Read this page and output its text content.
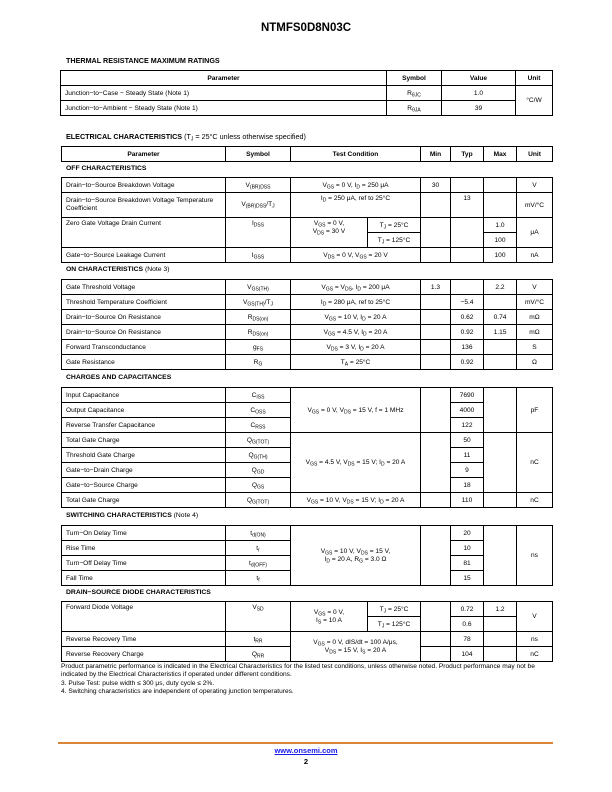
NTMFS0D8N03C
THERMAL RESISTANCE MAXIMUM RATINGS
Parameter	Symbol	Value	Unit
Junction−to−Case − Steady State (Note 1)	$R_{\theta JC}$	1.0	°C/W
Junction−to−Ambient − Steady State (Note 1)	$R_{\theta JA}$	39	
ELECTRICAL CHARACTERISTICS ($T_J = 25^\circ C$ unless otherwise specified)
Parameter	Symbol	Test Condition	Min	Typ	Max	Unit
OFF CHARACTERISTICS
Drain−to−Source Breakdown Voltage	$V_{(BR)DSS}$	$V_{GS} = 0$ V, $I_D = 250$ μA		30			V
Drain−to−Source Breakdown Voltage Temperature Coefficient	$V_{(BR)DSS}/T_J$	$I_D = 250$ μA, ref to 25°C			13		mV/°C
Zero Gate Voltage Drain Current	$I_{DSS}$	$V_{GS} = 0$ V,
$V_{DS} = 30$ V	$T_J = 25^\circ C$			1.0	μA
			$T_J = 125^\circ C$			100	
Gate−to−Source Leakage Current	$I_{GSS}$	$V_{DS} = 0$ V, $V_{GS} = 20$ V				100	nA
ON CHARACTERISTICS (Note 3)
Gate Threshold Voltage	$V_{GS(TH)}$	$V_{GS} = V_{DS}$, $I_D = 200$ μA	1.3		2.2	V
Threshold Temperature Coefficient	$V_{GS(TH)}/T_J$	$I_D = 280$ μA, ref to 25°C		−5.4		mV/°C
Drain−to−Source On Resistance	$R_{DS(on)}$	$V_{GS} = 10$ V, $I_D = 20$ A		0.62	0.74	mΩ
Drain−to−Source On Resistance	$R_{DS(on)}$	$V_{GS} = 4.5$ V, $I_D = 20$ A		0.92	1.15	mΩ
Forward Transconductance	$g_{FS}$	$V_{DS} = 3$ V, $I_D = 20$ A		136		S
Gate Resistance	$R_G$	$T_A = 25^\circ C$		0.92		Ω
CHARGES AND CAPACITANCES
Input Capacitance	$C_{ISS}$	$V_{GS} = 0$ V, $V_{DS} = 15$ V, f = 1 MHz		7690		pF
Output Capacitance	$C_{OSS}$			4000		
Reverse Transfer Capacitance	$C_{RSS}$			122		
Total Gate Charge	$Q_{G(TOT)}$	$V_{GS} = 4.5$ V, $V_{DS} = 15$ V; $I_D = 20$ A		50		nC
Threshold Gate Charge	$Q_{G(TH)}$			11		
Gate−to−Drain Charge	$Q_{GD}$			9		
Gate−to−Source Charge	$Q_{GS}$			18		
Total Gate Charge	$Q_{G(TOT)}$	$V_{GS} = 10$ V, $V_{DS} = 15$ V; $I_D = 20$ A		110		nC
SWITCHING CHARACTERISTICS (Note 4)
Turn−On Delay Time	$t_{d(ON)}$	$V_{GS} = 10$ V, $V_{DS} = 15$ V,
$I_D = 20$ A, $R_G = 3.0$ Ω		20		ns
Rise Time	$t_r$			10		
Turn−Off Delay Time	$t_{d(OFF)}$			81		
Fall Time	$t_f$			15		
DRAIN−SOURCE DIODE CHARACTERISTICS
Forward Diode Voltage	$V_{SD}$	$V_{GS} = 0$ V,
$I_S = 10$ A	$T_J = 25^\circ C$		0.72	1.2	V
			$T_J = 125^\circ C$		0.6		
Reverse Recovery Time	$t_{RR}$	$V_{GS} = 0$ V, dIS/dt = 100 A/μs,
$V_{DS} = 15$ V, $I_S = 20$ A			78		ns
Reverse Recovery Charge	$Q_{RR}$				104		nC
Product parametric performance is indicated in the Electrical Characteristics for the listed test conditions, unless otherwise noted. Product performance may not be indicated by the Electrical Characteristics if operated under different conditions.
3. Pulse Test: pulse width ≤ 300 μs, duty cycle ≤ 2%.
4. Switching characteristics are independent of operating junction temperatures.
www.onsemi.com
2
